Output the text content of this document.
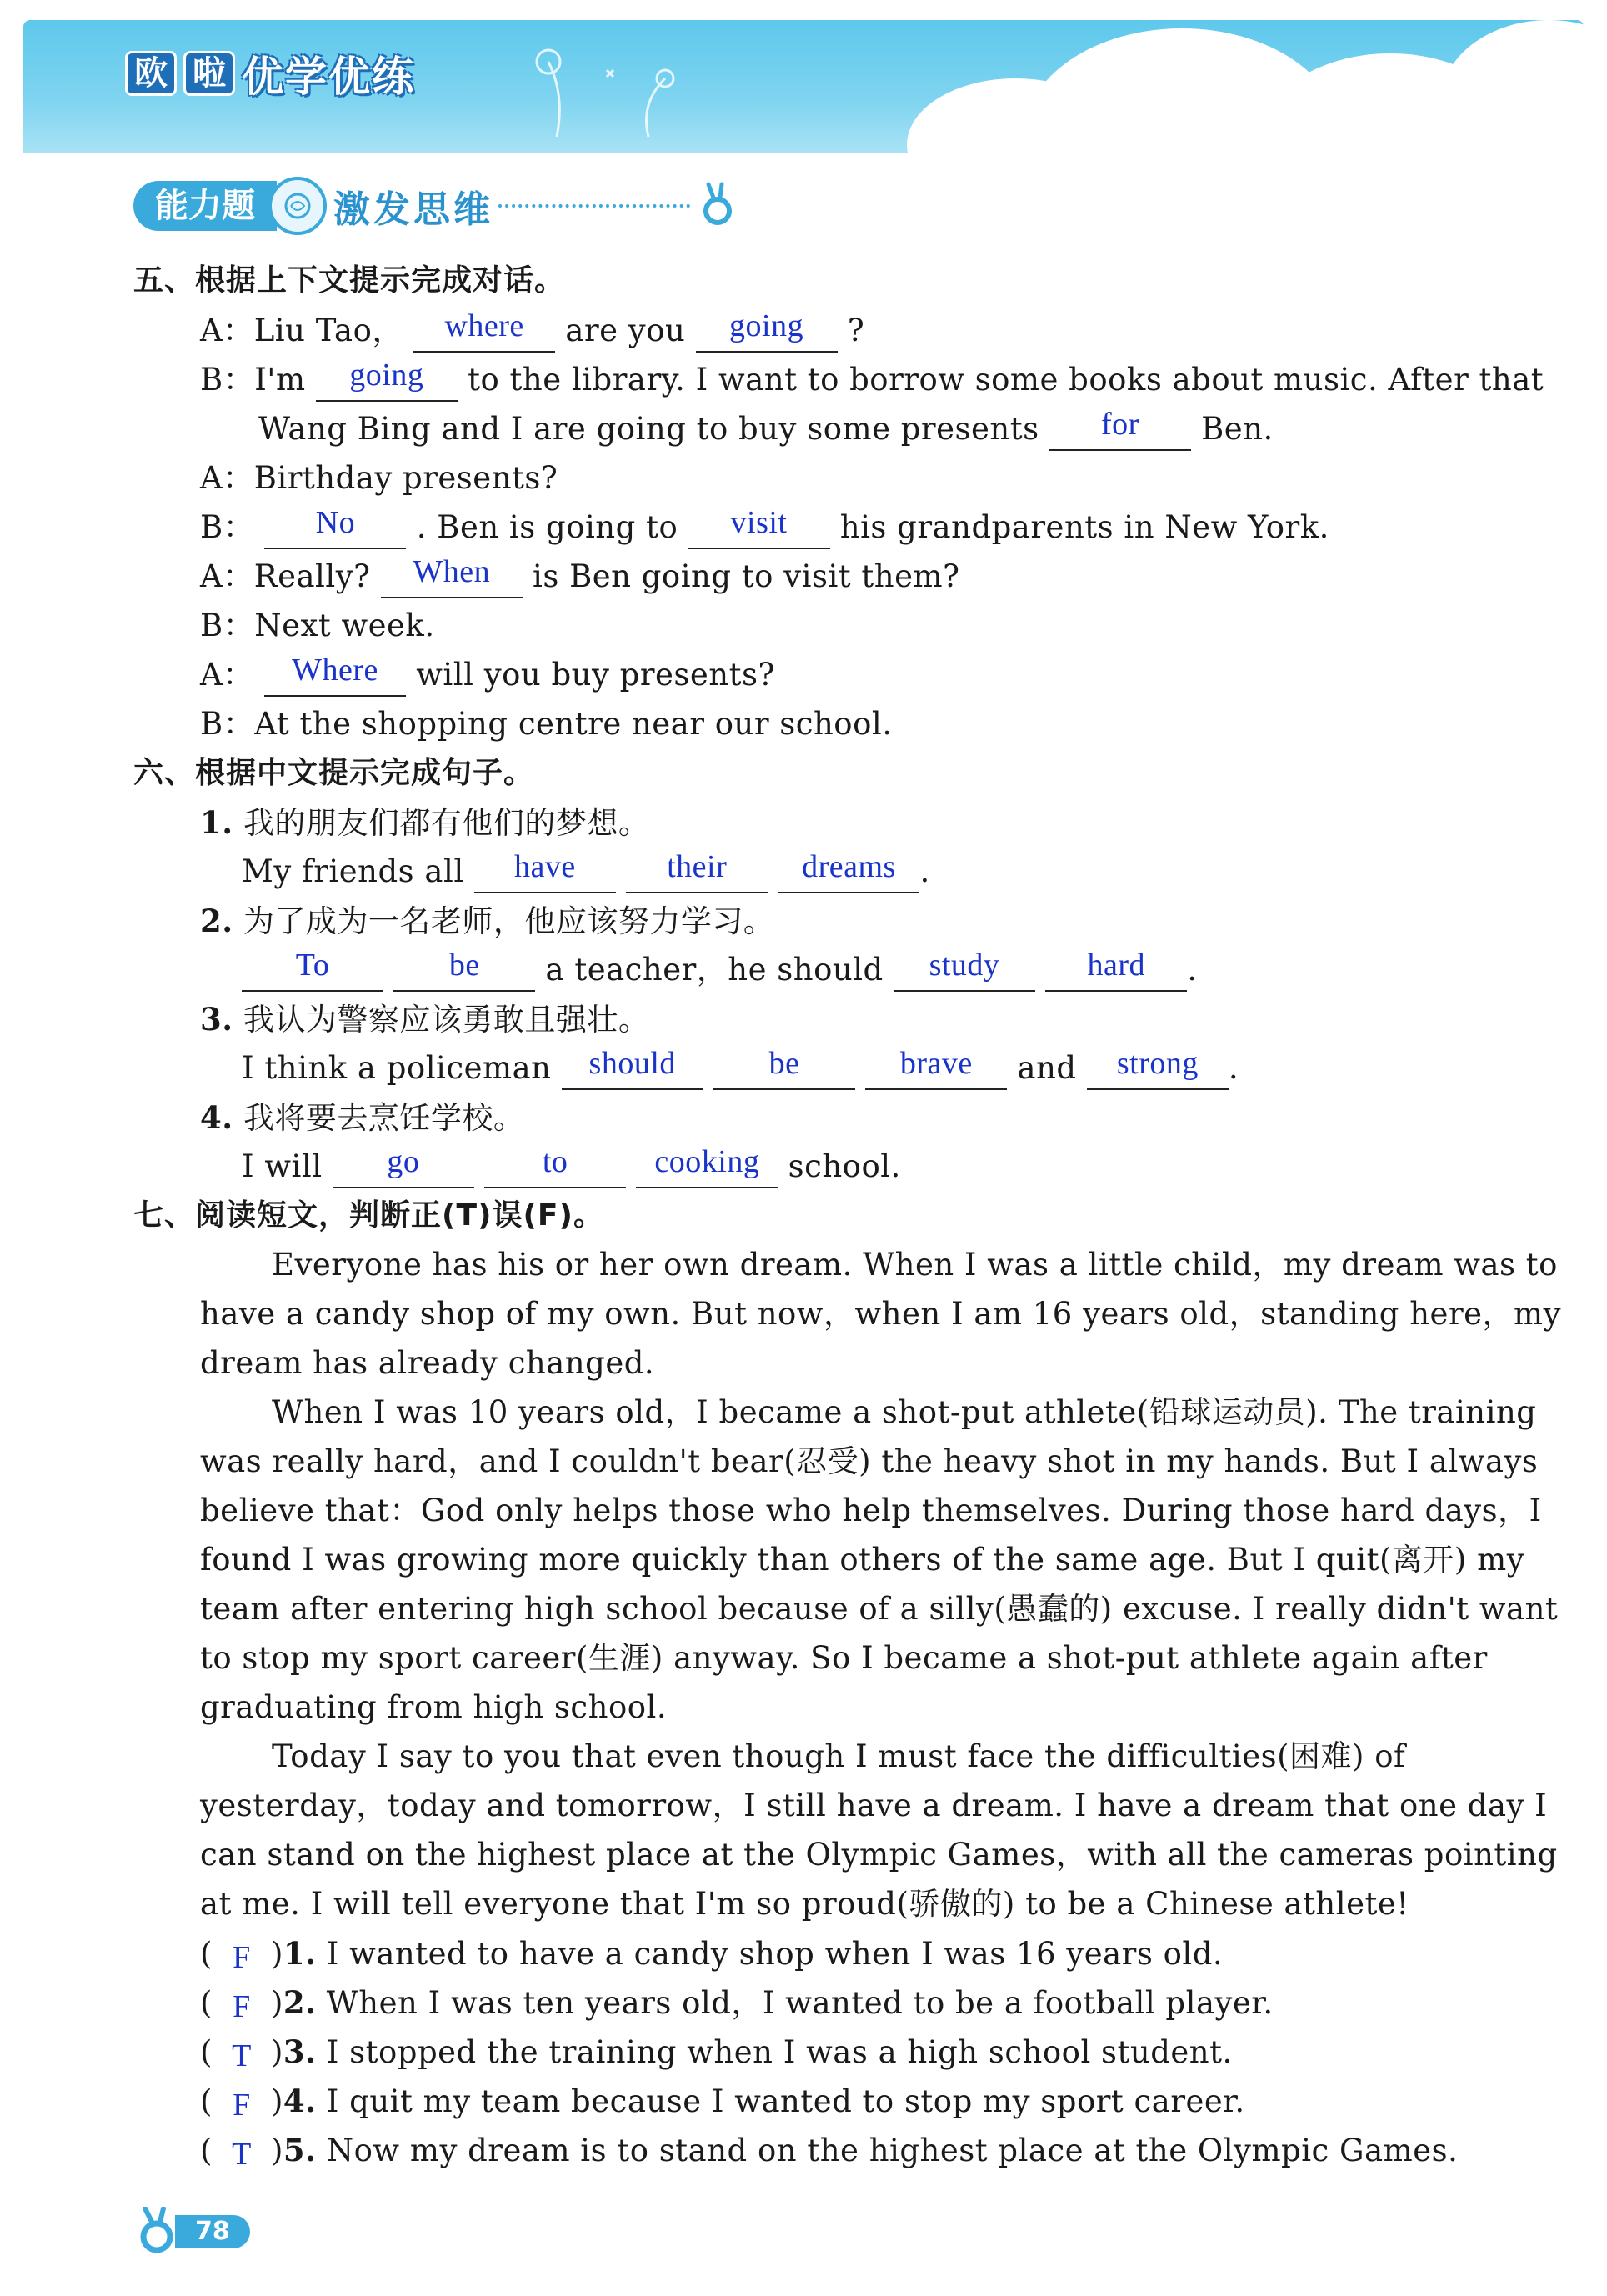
欧 啦 优学优练
能力题	激发思维
五、根据上下文提示完成对话。
A：Liu Tao， where are you going ?
B：I'm going to the library. I want to borrow some books about music. After that
Wang Bing and I are going to buy some presents for Ben.
A：Birthday presents?
B： No . Ben is going to visit his grandparents in New York.
A：Really? When is Ben going to visit them?
B：Next week.
A： Where will you buy presents?
B：At the shopping centre near our school.
六、根据中文提示完成句子。
1. 我的朋友们都有他们的梦想。
My friends all have	their dreams .
2. 为了成为一名老师，他应该努力学习。
To	be a teacher，he should study	hard .
3. 我认为警察应该勇敢且强壮。
I think a policeman should	be	brave and strong .
4. 我将要去烹饪学校。
I will go	to	cooking school.
七、阅读短文，判断正(T)误(F)。
Everyone has his or her own dream. When I was a little child，my dream was to
have a candy shop of my own. But now，when I am 16 years old，standing here，my
dream has already changed.
When I was 10 years old，I became a shot-put athlete(铅球运动员). The training
was really hard，and I couldn't bear(忍受) the heavy shot in my hands. But I always
believe that：God only helps those who help themselves. During those hard days，I
found I was growing more quickly than others of the same age. But I quit(离开) my
team after entering high school because of a silly(愚蠢的) excuse. I really didn't want
to stop my sport career(生涯) anyway. So I became a shot-put athlete again after
graduating from high school.
Today I say to you that even though I must face the difficulties(困难) of
yesterday，today and tomorrow，I still have a dream. I have a dream that one day I
can stand on the highest place at the Olympic Games，with all the cameras pointing
at me. I will tell everyone that I'm so proud(骄傲的) to be a Chinese athlete!
( F )1. I wanted to have a candy shop when I was 16 years old.
( F )2. When I was ten years old，I wanted to be a football player.
( T )3. I stopped the training when I was a high school student.
( F )4. I quit my team because I wanted to stop my sport career.
( T )5. Now my dream is to stand on the highest place at the Olympic Games.
78
